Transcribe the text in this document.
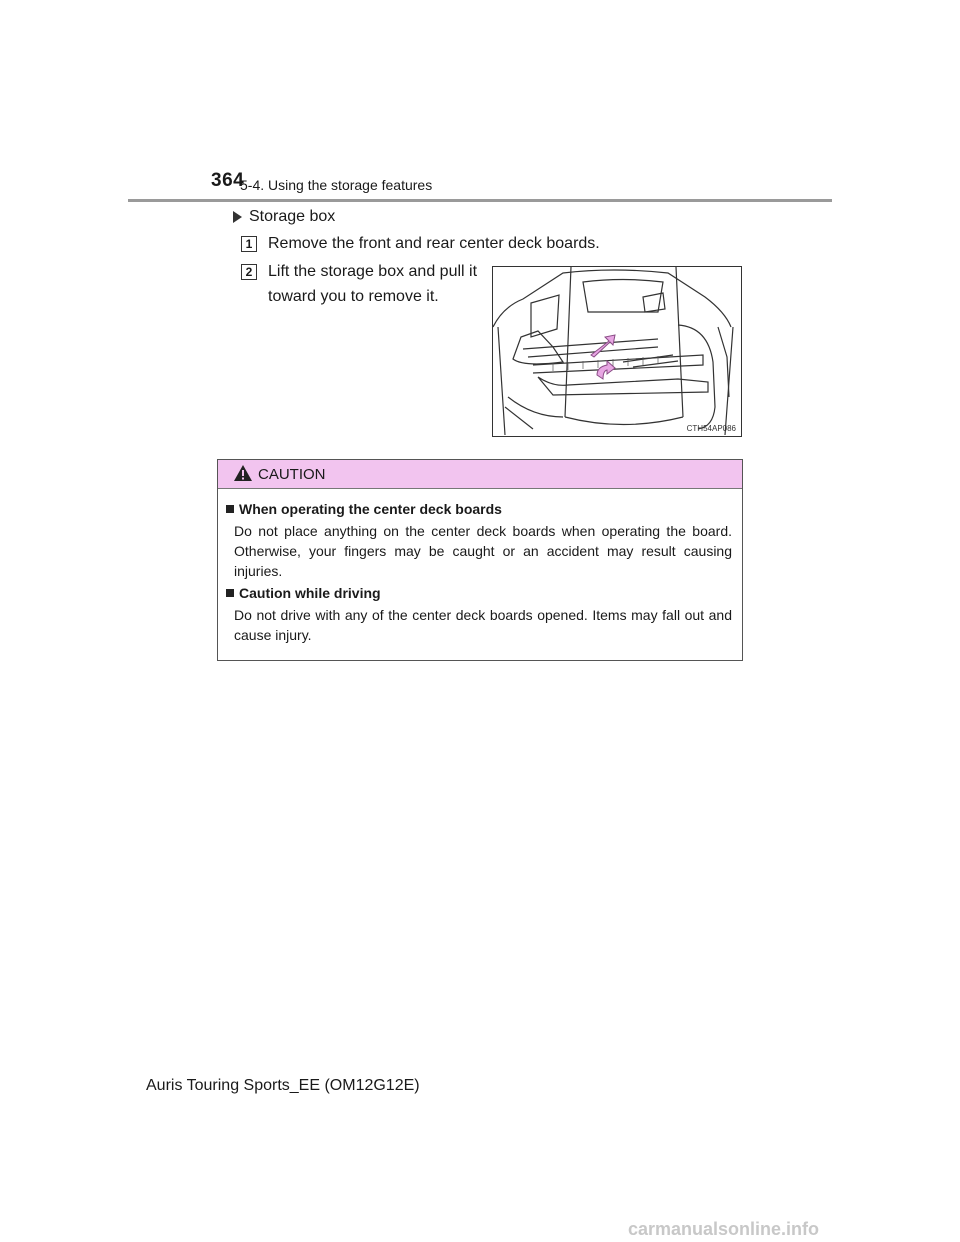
364
5-4. Using the storage features
Storage box
1 Remove the front and rear center deck boards.
2 Lift the storage box and pull it
toward you to remove it.
CTH54AP086
CAUTION
When operating the center deck boards
Do not place anything on the center deck boards when operating the board. Otherwise, your fingers may be caught or an accident may result causing injuries.
Caution while driving
Do not drive with any of the center deck boards opened. Items may fall out and cause injury.
Auris Touring Sports_EE (OM12G12E)
carmanualsonline.info
